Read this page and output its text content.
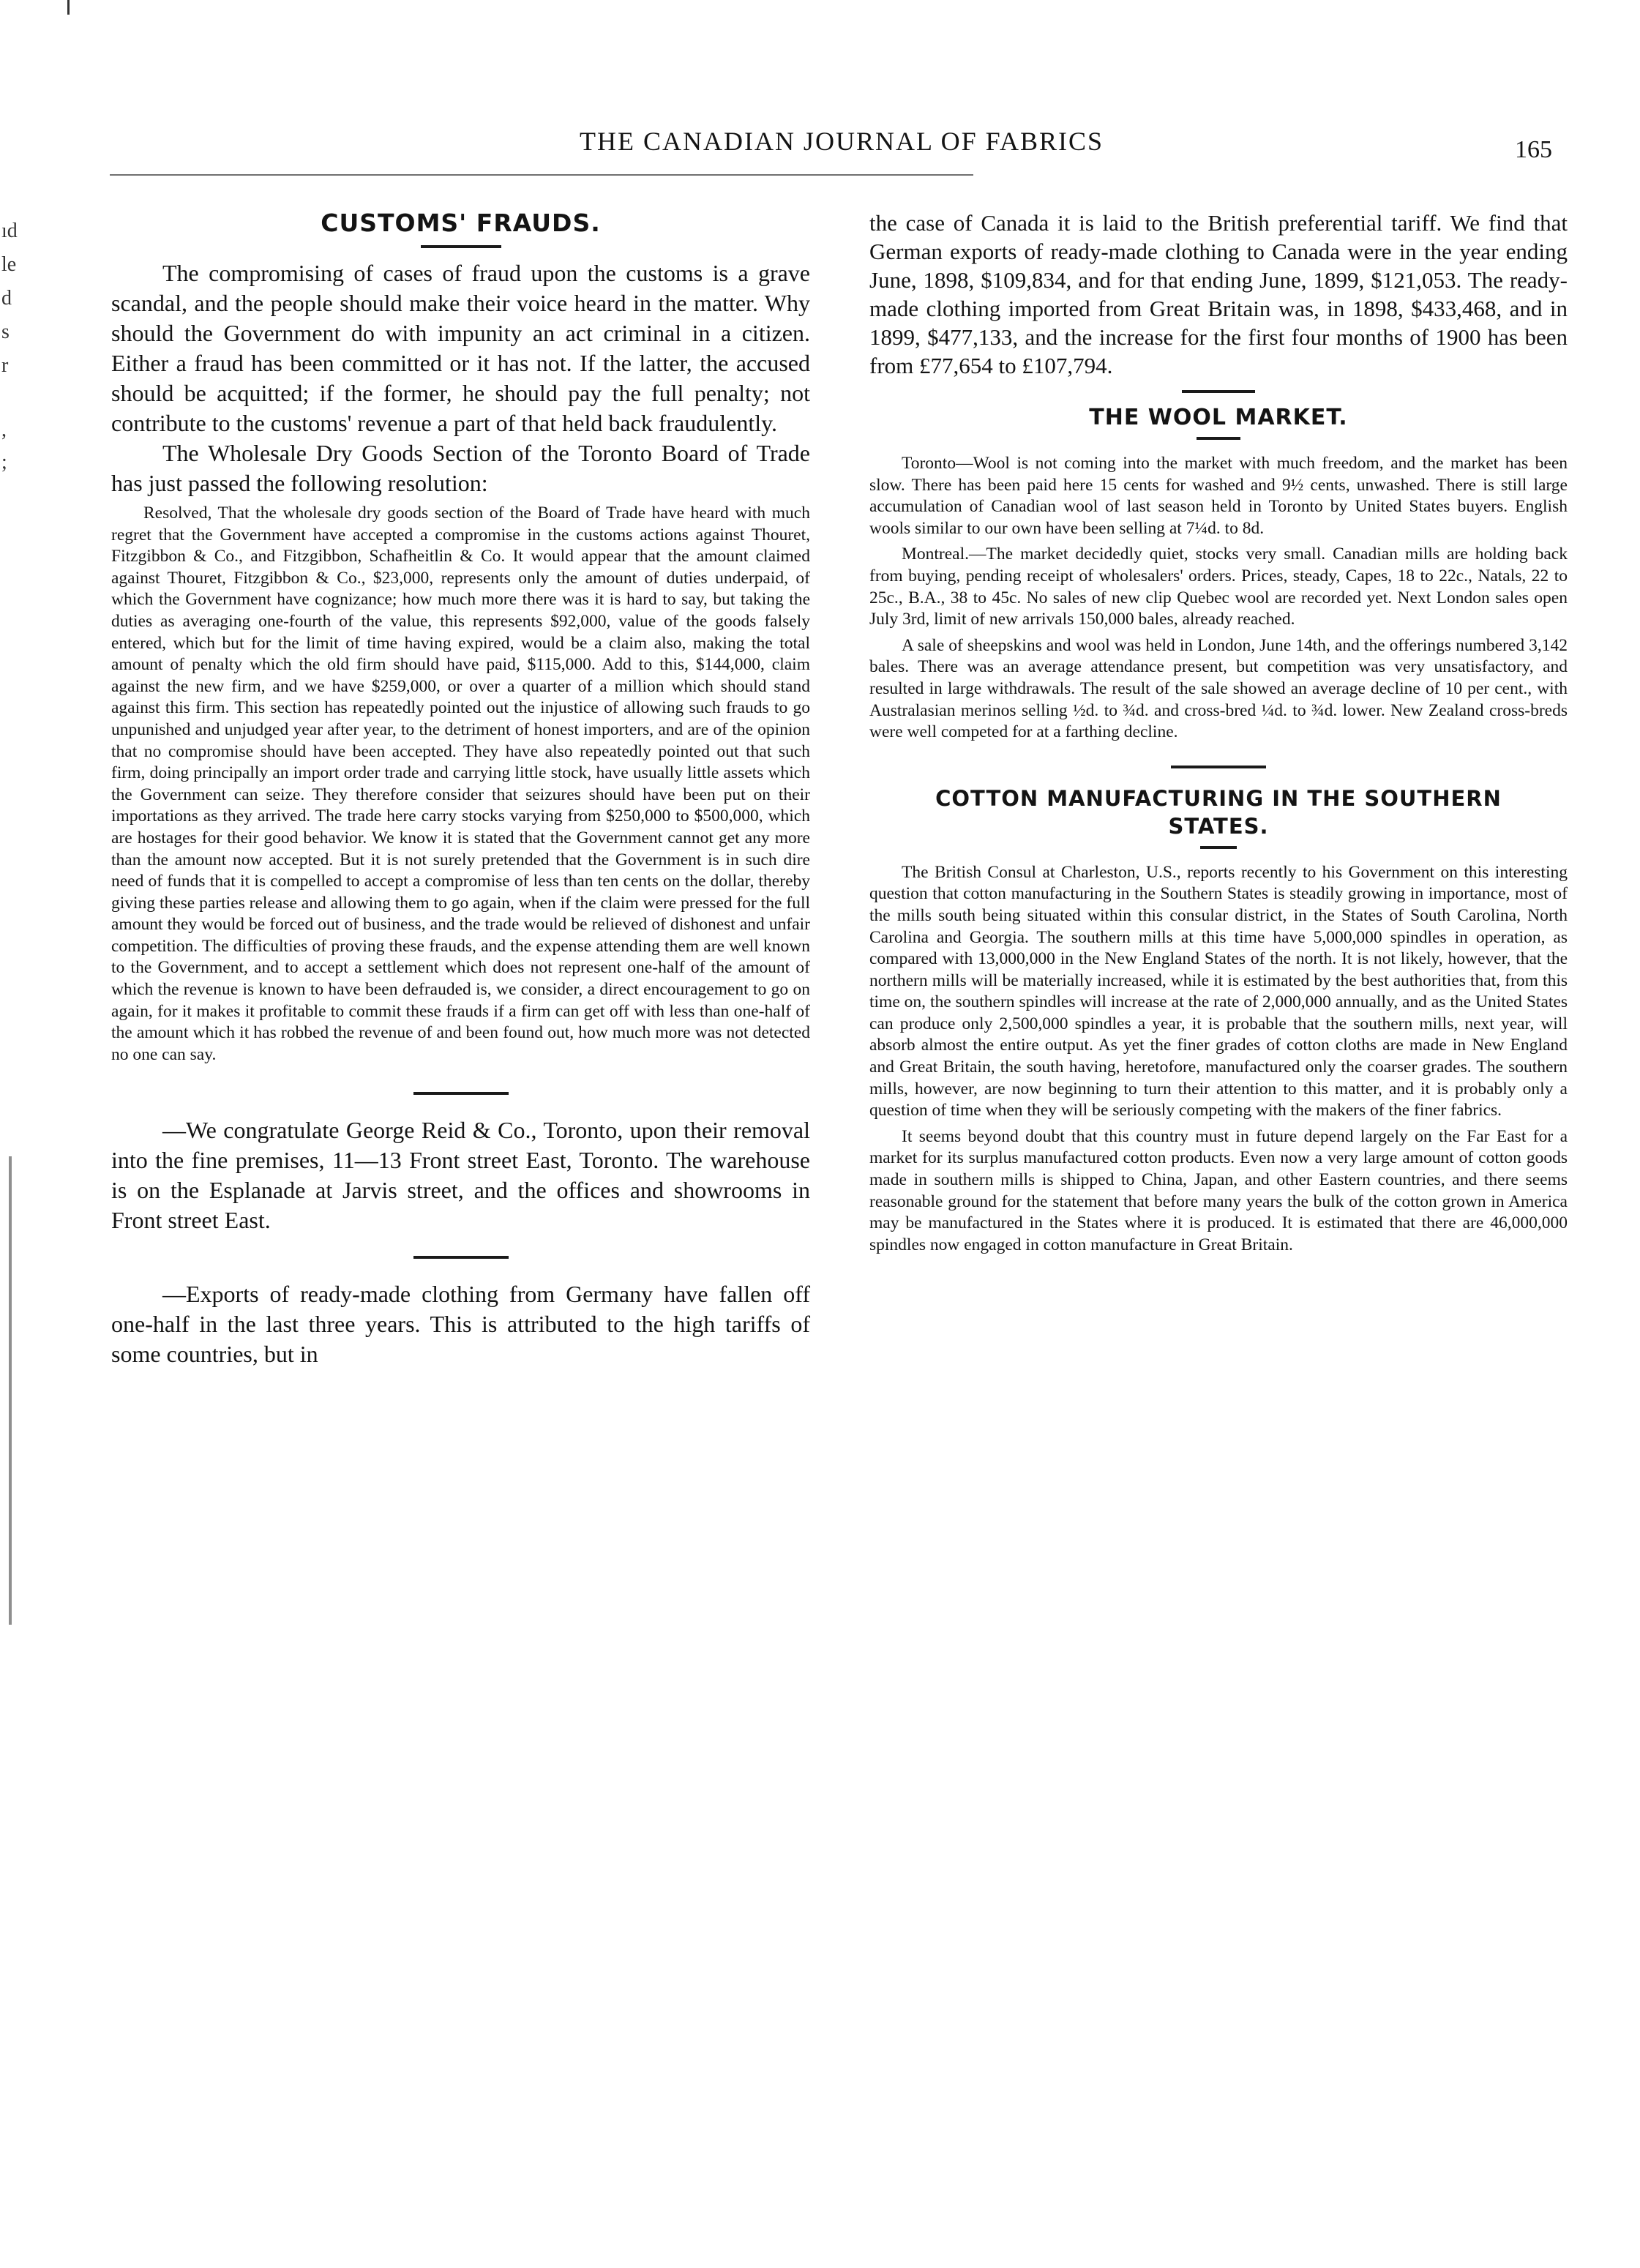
ıd
le
d
s
r
,
;
THE CANADIAN JOURNAL OF FABRICS	165
CUSTOMS' FRAUDS.

The compromising of cases of fraud upon the customs is a grave scandal, and the people should make their voice heard in the matter. Why should the Government do with impunity an act criminal in a citizen. Either a fraud has been committed or it has not. If the latter, the accused should be acquitted; if the former, he should pay the full penalty; not contribute to the customs' revenue a part of that held back fraudulently.

The Wholesale Dry Goods Section of the Toronto Board of Trade has just passed the following resolution:

Resolved, That the wholesale dry goods section of the Board of Trade have heard with much regret that the Government have accepted a compromise in the customs actions against Thouret, Fitzgibbon & Co., and Fitzgibbon, Schafheitlin & Co. It would appear that the amount claimed against Thouret, Fitzgibbon & Co., $23,000, represents only the amount of duties underpaid, of which the Government have cognizance; how much more there was it is hard to say, but taking the duties as averaging one-fourth of the value, this represents $92,000, value of the goods falsely entered, which but for the limit of time having expired, would be a claim also, making the total amount of penalty which the old firm should have paid, $115,000. Add to this, $144,000, claim against the new firm, and we have $259,000, or over a quarter of a million which should stand against this firm. This section has repeatedly pointed out the injustice of allowing such frauds to go unpunished and unjudged year after year, to the detriment of honest importers, and are of the opinion that no compromise should have been accepted. They have also repeatedly pointed out that such firm, doing principally an import order trade and carrying little stock, have usually little assets which the Government can seize. They therefore consider that seizures should have been put on their importations as they arrived. The trade here carry stocks varying from $250,000 to $500,000, which are hostages for their good behavior. We know it is stated that the Government cannot get any more than the amount now accepted. But it is not surely pretended that the Government is in such dire need of funds that it is compelled to accept a compromise of less than ten cents on the dollar, thereby giving these parties release and allowing them to go again, when if the claim were pressed for the full amount they would be forced out of business, and the trade would be relieved of dishonest and unfair competition. The difficulties of proving these frauds, and the expense attending them are well known to the Government, and to accept a settlement which does not represent one-half of the amount of which the revenue is known to have been defrauded is, we consider, a direct encouragement to go on again, for it makes it profitable to commit these frauds if a firm can get off with less than one-half of the amount which it has robbed the revenue of and been found out, how much more was not detected no one can say.

—We congratulate George Reid & Co., Toronto, upon their removal into the fine premises, 11—13 Front street East, Toronto. The warehouse is on the Esplanade at Jarvis street, and the offices and showrooms in Front street East.

—Exports of ready-made clothing from Germany have fallen off one-half in the last three years. This is attributed to the high tariffs of some countries, but in

the case of Canada it is laid to the British preferential tariff. We find that German exports of ready-made clothing to Canada were in the year ending June, 1898, $109,834, and for that ending June, 1899, $121,053. The ready-made clothing imported from Great Britain was, in 1898, $433,468, and in 1899, $477,133, and the increase for the first four months of 1900 has been from £77,654 to £107,794.

THE WOOL MARKET.

Toronto—Wool is not coming into the market with much freedom, and the market has been slow. There has been paid here 15 cents for washed and 9½ cents, unwashed. There is still large accumulation of Canadian wool of last season held in Toronto by United States buyers. English wools similar to our own have been selling at 7¼d. to 8d.

Montreal.—The market decidedly quiet, stocks very small. Canadian mills are holding back from buying, pending receipt of wholesalers' orders. Prices, steady, Capes, 18 to 22c., Natals, 22 to 25c., B.A., 38 to 45c. No sales of new clip Quebec wool are recorded yet. Next London sales open July 3rd, limit of new arrivals 150,000 bales, already reached.

A sale of sheepskins and wool was held in London, June 14th, and the offerings numbered 3,142 bales. There was an average attendance present, but competition was very unsatisfactory, and resulted in large withdrawals. The result of the sale showed an average decline of 10 per cent., with Australasian merinos selling ½d. to ¾d. and cross-bred ¼d. to ¾d. lower. New Zealand cross-breds were well competed for at a farthing decline.

COTTON MANUFACTURING IN THE SOUTHERN
STATES.

The British Consul at Charleston, U.S., reports recently to his Government on this interesting question that cotton manufacturing in the Southern States is steadily growing in importance, most of the mills south being situated within this consular district, in the States of South Carolina, North Carolina and Georgia. The southern mills at this time have 5,000,000 spindles in operation, as compared with 13,000,000 in the New England States of the north. It is not likely, however, that the northern mills will be materially increased, while it is estimated by the best authorities that, from this time on, the southern spindles will increase at the rate of 2,000,000 annually, and as the United States can produce only 2,500,000 spindles a year, it is probable that the southern mills, next year, will absorb almost the entire output. As yet the finer grades of cotton cloths are made in New England and Great Britain, the south having, heretofore, manufactured only the coarser grades. The southern mills, however, are now beginning to turn their attention to this matter, and it is probably only a question of time when they will be seriously competing with the makers of the finer fabrics.

It seems beyond doubt that this country must in future depend largely on the Far East for a market for its surplus manufactured cotton products. Even now a very large amount of cotton goods made in southern mills is shipped to China, Japan, and other Eastern countries, and there seems reasonable ground for the statement that before many years the bulk of the cotton grown in America may be manufactured in the States where it is produced. It is estimated that there are 46,000,000 spindles now engaged in cotton manufacture in Great Britain.
